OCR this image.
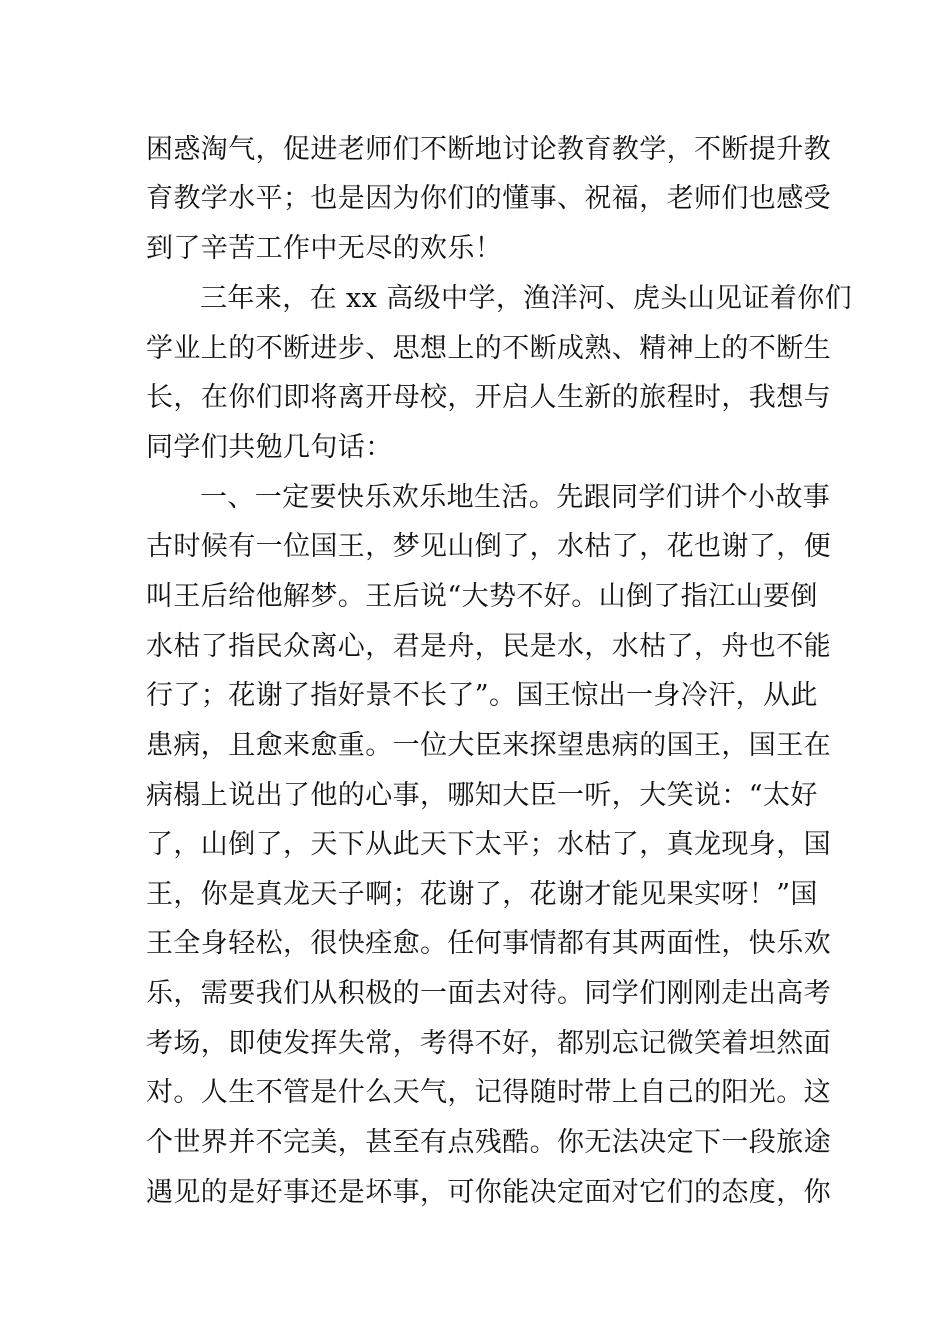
困惑淘气，促进老师们不断地讨论教育教学，不断提升教
育教学水平；也是因为你们的懂事、祝福，老师们也感受
到了辛苦工作中无尽的欢乐！
三年来，在 xx 高级中学，渔洋河、虎头山见证着你们
学业上的不断进步、思想上的不断成熟、精神上的不断生
长，在你们即将离开母校，开启人生新的旅程时，我想与
同学们共勉几句话：
一、一定要快乐欢乐地生活。先跟同学们讲个小故事
古时候有一位国王，梦见山倒了，水枯了，花也谢了，便
叫王后给他解梦。王后说“大势不好。山倒了指江山要倒
水枯了指民众离心，君是舟，民是水，水枯了，舟也不能
行了；花谢了指好景不长了”。国王惊出一身冷汗，从此
患病，且愈来愈重。一位大臣来探望患病的国王，国王在
病榻上说出了他的心事，哪知大臣一听，大笑说：“太好
了，山倒了，天下从此天下太平；水枯了，真龙现身，国
王，你是真龙天子啊；花谢了，花谢才能见果实呀！”国
王全身轻松，很快痊愈。任何事情都有其两面性，快乐欢
乐，需要我们从积极的一面去对待。同学们刚刚走出高考
考场，即使发挥失常，考得不好，都别忘记微笑着坦然面
对。人生不管是什么天气，记得随时带上自己的阳光。这
个世界并不完美，甚至有点残酷。你无法决定下一段旅途
遇见的是好事还是坏事，可你能决定面对它们的态度，你
